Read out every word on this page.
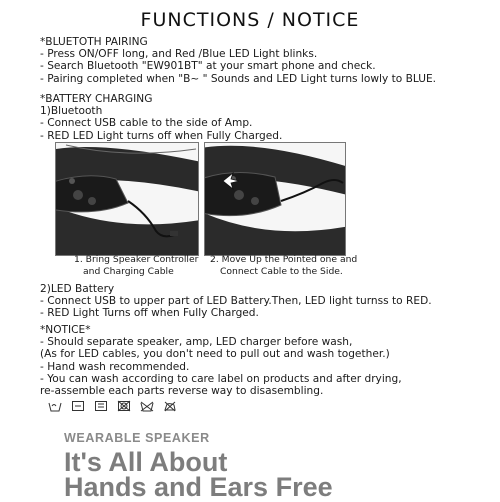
FUNCTIONS / NOTICE
*BLUETOTH PAIRING
- Press ON/OFF long, and Red /Blue LED Light blinks.
- Search Bluetooth "EW901BT" at your smart phone and check.
- Pairing completed when "B~ " Sounds and LED Light turns lowly to BLUE.
*BATTERY CHARGING
1)Bluetooth
- Connect USB cable to the side of Amp.
- RED LED Light turns off when Fully Charged.
1. Bring Speaker Controller
and Charging Cable
2. Move Up the Pointed one and
Connect Cable to the Side.
2)LED Battery
- Connect USB to upper part of LED Battery.Then, LED light turnss to RED.
- RED Light Turns off when Fully Charged.
*NOTICE*
- Should separate speaker, amp, LED charger before wash,
(As for LED cables, you don't need to pull out and wash together.)
- Hand wash recommended.
- You can wash according to care label on products and after drying,
re-assemble each parts reverse way to disasembling.
WEARABLE SPEAKER
It's All About
Hands and Ears Free
